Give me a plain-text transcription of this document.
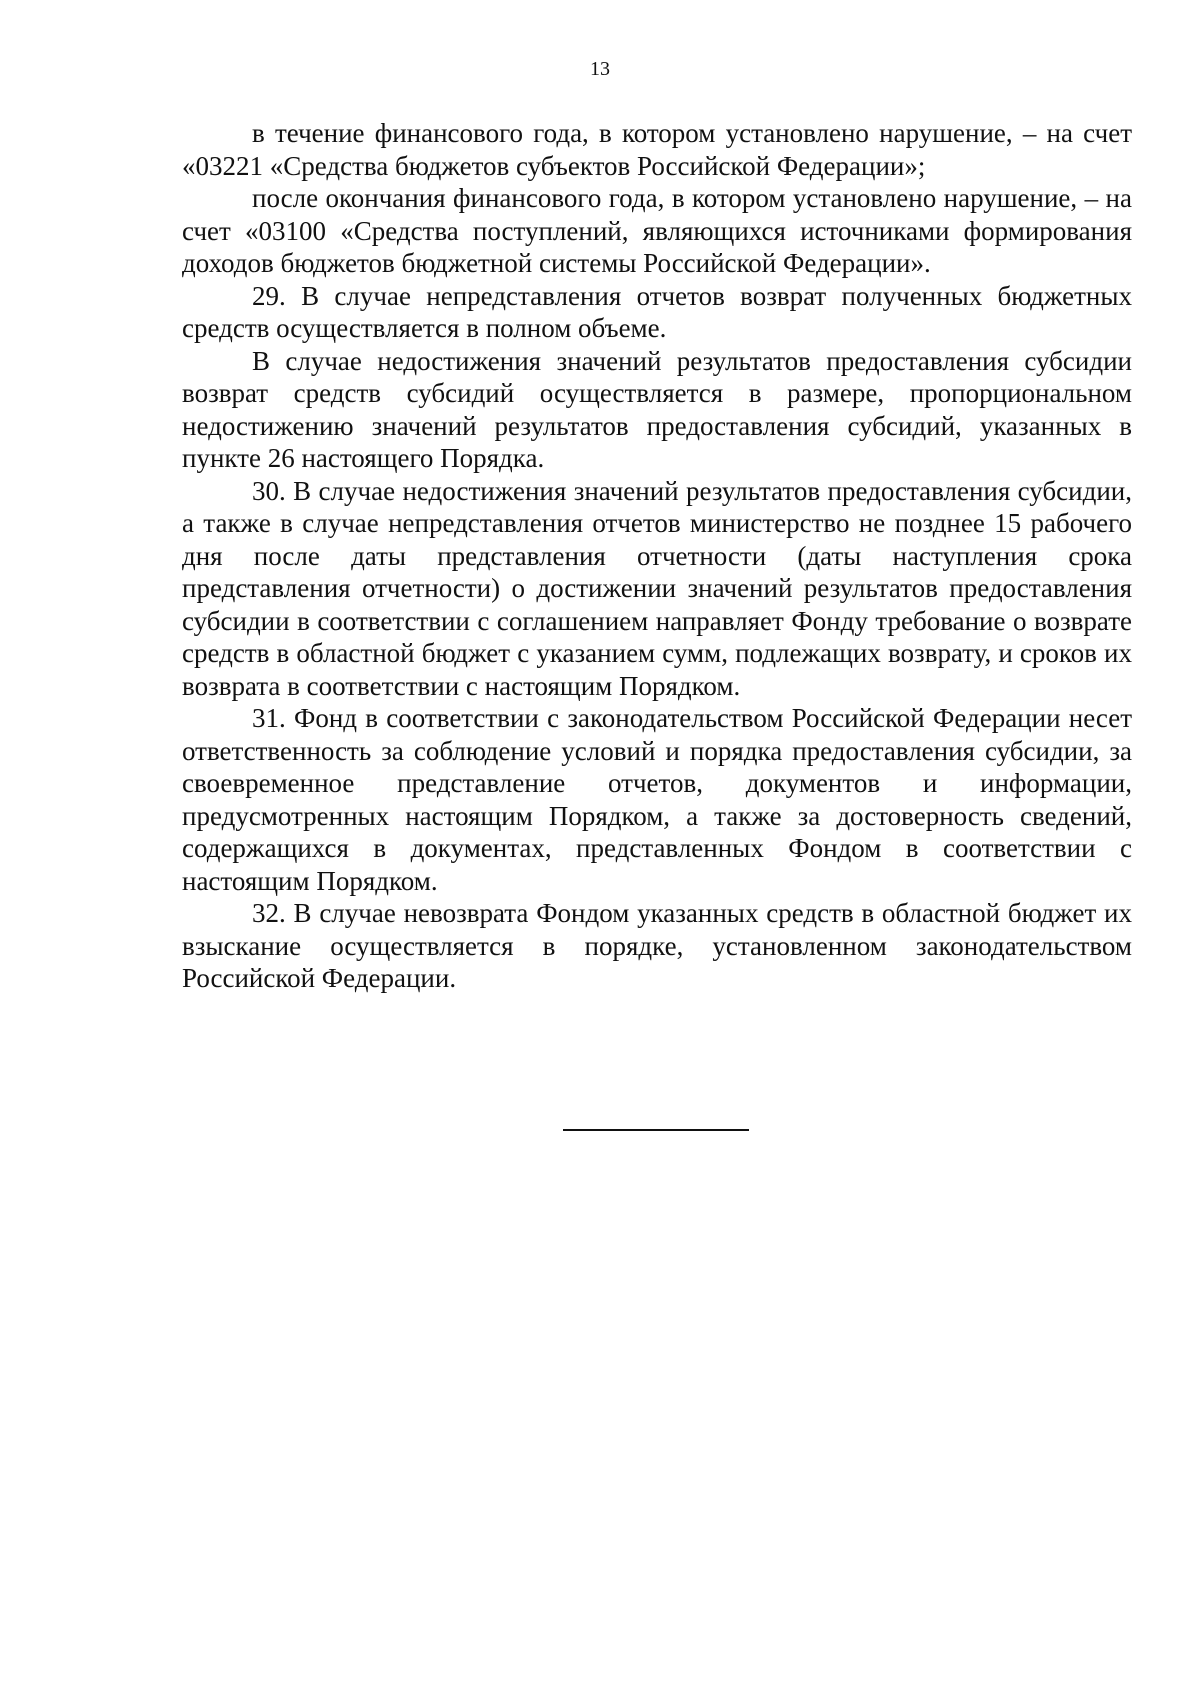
13

в течение финансового года, в котором установлено нарушение, – на счет «03221 «Средства бюджетов субъектов Российской Федерации»;

после окончания финансового года, в котором установлено нарушение, – на счет «03100 «Средства поступлений, являющихся источниками формирования доходов бюджетов бюджетной системы Российской Федерации».

29. В случае непредставления отчетов возврат полученных бюджетных средств осуществляется в полном объеме.

В случае недостижения значений результатов предоставления субсидии возврат средств субсидий осуществляется в размере, пропорциональном недостижению значений результатов предоставления субсидий, указанных в пункте 26 настоящего Порядка.

30. В случае недостижения значений результатов предоставления субсидии, а также в случае непредставления отчетов министерство не позднее 15 рабочего дня после даты представления отчетности (даты наступления срока представления отчетности) о достижении значений результатов предоставления субсидии в соответствии с соглашением направляет Фонду требование о возврате средств в областной бюджет с указанием сумм, подлежащих возврату, и сроков их возврата в соответствии с настоящим Порядком.

31. Фонд в соответствии с законодательством Российской Федерации несет ответственность за соблюдение условий и порядка предоставления субсидии, за своевременное представление отчетов, документов и информации, предусмотренных настоящим Порядком, а также за достоверность сведений, содержащихся в документах, представленных Фондом в соответствии с настоящим Порядком.

32. В случае невозврата Фондом указанных средств в областной бюджет их взыскание осуществляется в порядке, установленном законодательством Российской Федерации.
